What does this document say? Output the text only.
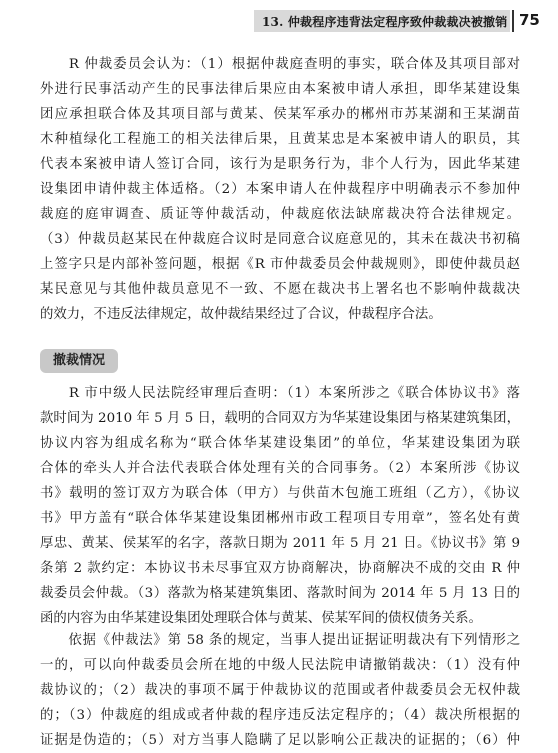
13. 仲裁程序违背法定程序致仲裁裁决被撤销 75
　　R 仲裁委员会认为：（1）根据仲裁庭查明的事实，联合体及其项目部对
外进行民事活动产生的民事法律后果应由本案被申请人承担，即华某建设集
团应承担联合体及其项目部与黄某、侯某军承办的郴州市苏某湖和王某湖苗
木种植绿化工程施工的相关法律后果，且黄某忠是本案被申请人的职员，其
代表本案被申请人签订合同，该行为是职务行为，非个人行为，因此华某建
设集团申请仲裁主体适格。（2）本案申请人在仲裁程序中明确表示不参加仲
裁庭的庭审调查、质证等仲裁活动，仲裁庭依法缺席裁决符合法律规定。
（3）仲裁员赵某民在仲裁庭合议时是同意合议庭意见的，其未在裁决书初稿
上签字只是内部补签问题，根据《R 市仲裁委员会仲裁规则》，即使仲裁员赵
某民意见与其他仲裁员意见不一致、不愿在裁决书上署名也不影响仲裁裁决
的效力，不违反法律规定，故仲裁结果经过了合议，仲裁程序合法。
撤裁情况
　　R 市中级人民法院经审理后查明：（1）本案所涉之《联合体协议书》落
款时间为 2010 年 5 月 5 日，载明的合同双方为华某建设集团与格某建筑集团，
协议内容为组成名称为“联合体华某建设集团”的单位，华某建设集团为联
合体的牵头人并合法代表联合体处理有关的合同事务。（2）本案所涉《协议
书》载明的签订双方为联合体（甲方）与供苗木包施工班组（乙方），《协议
书》甲方盖有“联合体华某建设集团郴州市政工程项目专用章”，签名处有黄
厚忠、黄某、侯某军的名字，落款日期为 2011 年 5 月 21 日。《协议书》第 9
条第 2 款约定：本协议书未尽事宜双方协商解决，协商解决不成的交由 R 仲
裁委员会仲裁。（3）落款为格某建筑集团、落款时间为 2014 年 5 月 13 日的
函的内容为由华某建设集团处理联合体与黄某、侯某军间的债权债务关系。
　　依据《仲裁法》第 58 条的规定，当事人提出证据证明裁决有下列情形之
一的，可以向仲裁委员会所在地的中级人民法院申请撤销裁决：（1）没有仲
裁协议的；（2）裁决的事项不属于仲裁协议的范围或者仲裁委员会无权仲裁
的；（3）仲裁庭的组成或者仲裁的程序违反法定程序的；（4）裁决所根据的
证据是伪造的；（5）对方当事人隐瞒了足以影响公正裁决的证据的；（6）仲
